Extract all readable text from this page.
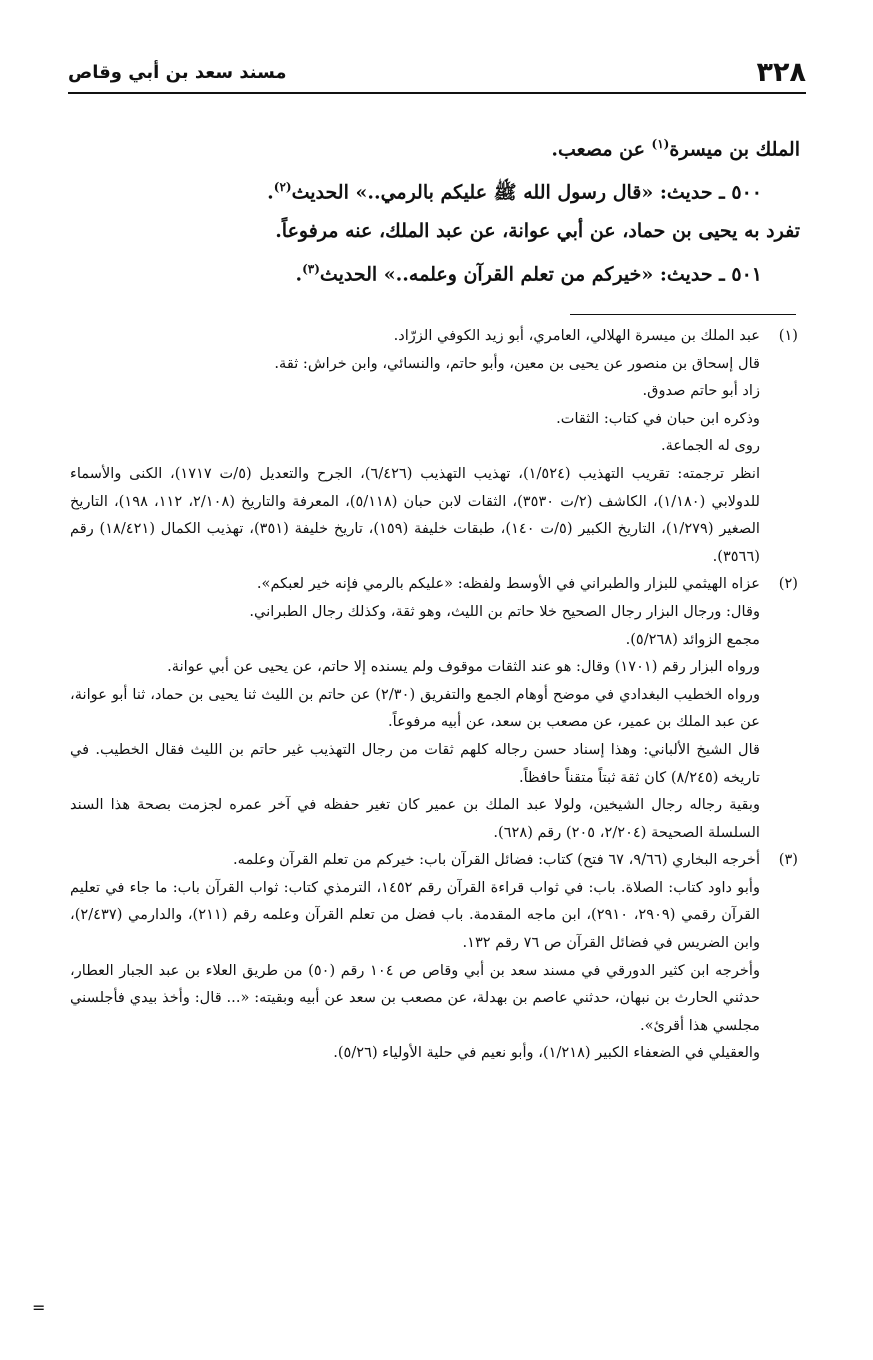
٣٢٨
مسند سعد بن أبي وقاص

الملك بن ميسرة$^{(١)}$ عن مصعب.

٥٠٠ ـ حديث: «قال رسول الله ﷺ عليكم بالرمي..» الحديث$^{(٢)}$.

تفرد به يحيى بن حماد، عن أبي عوانة، عن عبد الملك، عنه مرفوعاً.

٥٠١ ـ حديث: «خيركم من تعلم القرآن وعلمه..» الحديث$^{(٣)}$.

(١)

عبد الملك بن ميسرة الهلالي، العامري، أبو زيد الكوفي الزرّاد.

قال إسحاق بن منصور عن يحيى بن معين، وأبو حاتم، والنسائي، وابن خراش: ثقة.

زاد أبو حاتم صدوق.

وذكره ابن حبان في كتاب: الثقات.

روى له الجماعة.

انظر ترجمته: تقريب التهذيب (١/٥٢٤)، تهذيب التهذيب (٦/٤٢٦)، الجرح والتعديل (٥/ت ١٧١٧)، الكنى والأسماء للدولابي (١/١٨٠)، الكاشف (٢/ت ٣٥٣٠)، الثقات لابن حبان (٥/١١٨)، المعرفة والتاريخ (٢/١٠٨، ١١٢، ١٩٨)، التاريخ الصغير (١/٢٧٩)، التاريخ الكبير (٥/ت ١٤٠)، طبقات خليفة (١٥٩)، تاريخ خليفة (٣٥١)، تهذيب الكمال (١٨/٤٢١) رقم (٣٥٦٦).

(٢)

عزاه الهيثمي للبزار والطبراني في الأوسط ولفظه: «عليكم بالرمي فإنه خير لعبكم».

وقال: ورجال البزار رجال الصحيح خلا حاتم بن الليث، وهو ثقة، وكذلك رجال الطبراني.

مجمع الزوائد (٥/٢٦٨).

ورواه البزار رقم (١٧٠١) وقال: هو عند الثقات موقوف ولم يسنده إلا حاتم، عن يحيى عن أبي عوانة.

ورواه الخطيب البغدادي في موضح أوهام الجمع والتفريق (٢/٣٠) عن حاتم بن الليث ثنا يحيى بن حماد، ثنا أبو عوانة، عن عبد الملك بن عمير، عن مصعب بن سعد، عن أبيه مرفوعاً.

قال الشيخ الألباني: وهذا إسناد حسن رجاله كلهم ثقات من رجال التهذيب غير حاتم بن الليث فقال الخطيب. في تاريخه (٨/٢٤٥) كان ثقة ثبتاً متقناً حافظاً.

وبقية رجاله رجال الشيخين، ولولا عبد الملك بن عمير كان تغير حفظه في آخر عمره لجزمت بصحة هذا السند السلسلة الصحيحة (٢/٢٠٤، ٢٠٥) رقم (٦٢٨).

(٣)

أخرجه البخاري (٩/٦٦، ٦٧ فتح) كتاب: فضائل القرآن باب: خيركم من تعلم القرآن وعلمه.

وأبو داود كتاب: الصلاة. باب: في ثواب قراءة القرآن رقم ١٤٥٢، الترمذي كتاب: ثواب القرآن باب: ما جاء في تعليم القرآن رقمي (٢٩٠٩، ٢٩١٠)، ابن ماجه المقدمة. باب فضل من تعلم القرآن وعلمه رقم (٢١١)، والدارمي (٢/٤٣٧)، وابن الضريس في فضائل القرآن ص ٧٦ رقم ١٣٢.

وأخرجه ابن كثير الدورقي في مسند سعد بن أبي وقاص ص ١٠٤ رقم (٥٠) من طريق العلاء بن عبد الجبار العطار، حدثني الحارث بن نبهان، حدثني عاصم بن بهدلة، عن مصعب بن سعد عن أبيه وبقيته: «... قال: وأخذ بيدي فأجلسني مجلسي هذا أقرئ».

والعقيلي في الضعفاء الكبير (١/٢١٨)، وأبو نعيم في حلية الأولياء (٥/٢٦).

=
